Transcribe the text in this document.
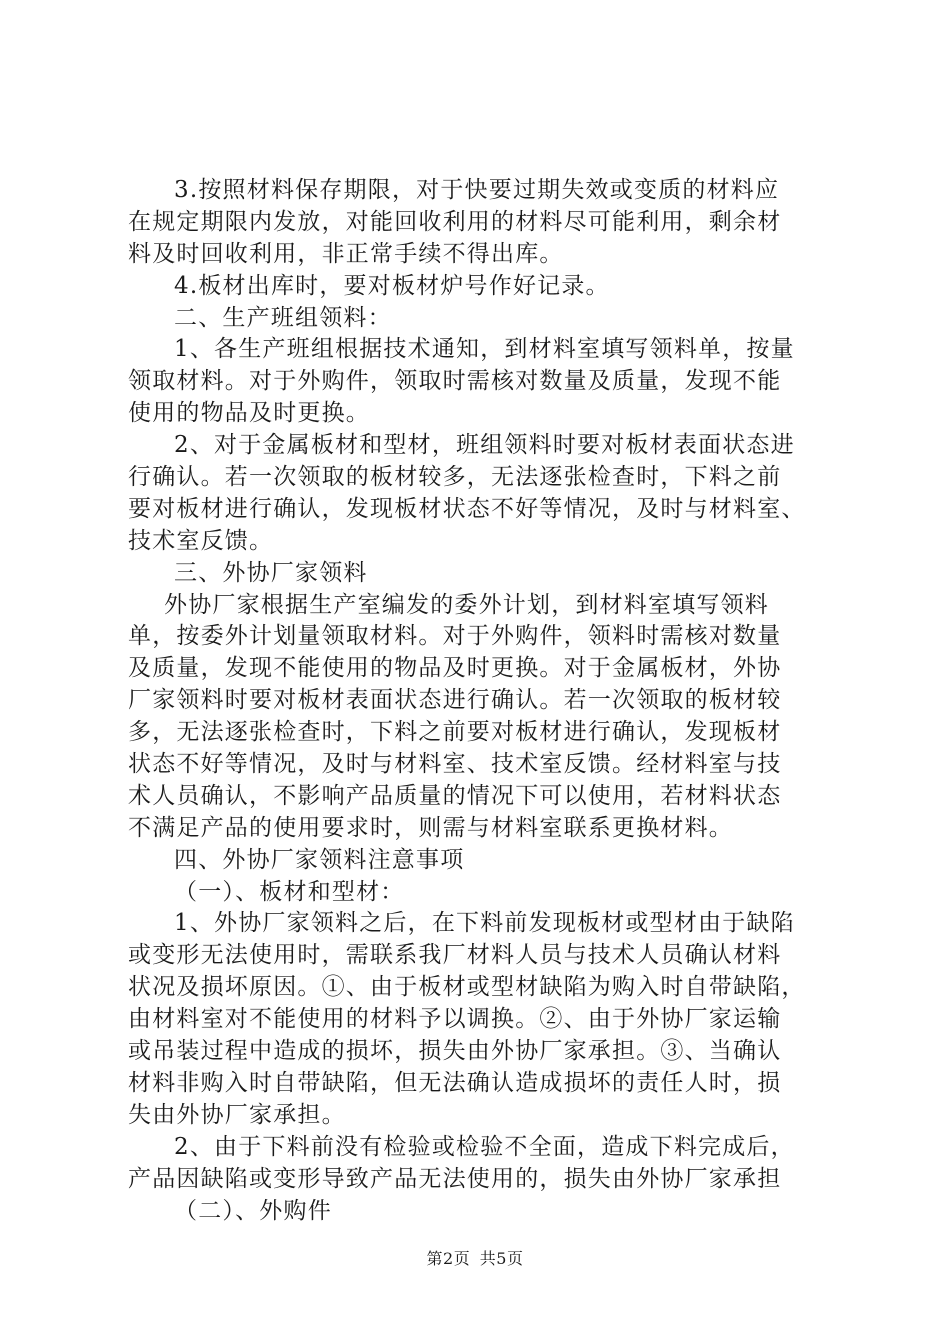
3.按照材料保存期限，对于快要过期失效或变质的材料应
在规定期限内发放，对能回收利用的材料尽可能利用，剩余材
料及时回收利用，非正常手续不得出库。
4.板材出库时，要对板材炉号作好记录。
二、生产班组领料：
1、各生产班组根据技术通知，到材料室填写领料单，按量
领取材料。对于外购件，领取时需核对数量及质量，发现不能
使用的物品及时更换。
2、对于金属板材和型材，班组领料时要对板材表面状态进
行确认。若一次领取的板材较多，无法逐张检查时，下料之前
要对板材进行确认，发现板材状态不好等情况，及时与材料室、
技术室反馈。
三、外协厂家领料
外协厂家根据生产室编发的委外计划，到材料室填写领料
单，按委外计划量领取材料。对于外购件，领料时需核对数量
及质量，发现不能使用的物品及时更换。对于金属板材，外协
厂家领料时要对板材表面状态进行确认。若一次领取的板材较
多，无法逐张检查时，下料之前要对板材进行确认，发现板材
状态不好等情况，及时与材料室、技术室反馈。经材料室与技
术人员确认，不影响产品质量的情况下可以使用，若材料状态
不满足产品的使用要求时，则需与材料室联系更换材料。
四、外协厂家领料注意事项
（一）、板材和型材：
1、外协厂家领料之后，在下料前发现板材或型材由于缺陷
或变形无法使用时，需联系我厂材料人员与技术人员确认材料
状况及损坏原因。①、由于板材或型材缺陷为购入时自带缺陷，
由材料室对不能使用的材料予以调换。②、由于外协厂家运输
或吊装过程中造成的损坏，损失由外协厂家承担。③、当确认
材料非购入时自带缺陷，但无法确认造成损坏的责任人时，损
失由外协厂家承担。
2、由于下料前没有检验或检验不全面，造成下料完成后，
产品因缺陷或变形导致产品无法使用的，损失由外协厂家承担
（二）、外购件
第2页 共5页
